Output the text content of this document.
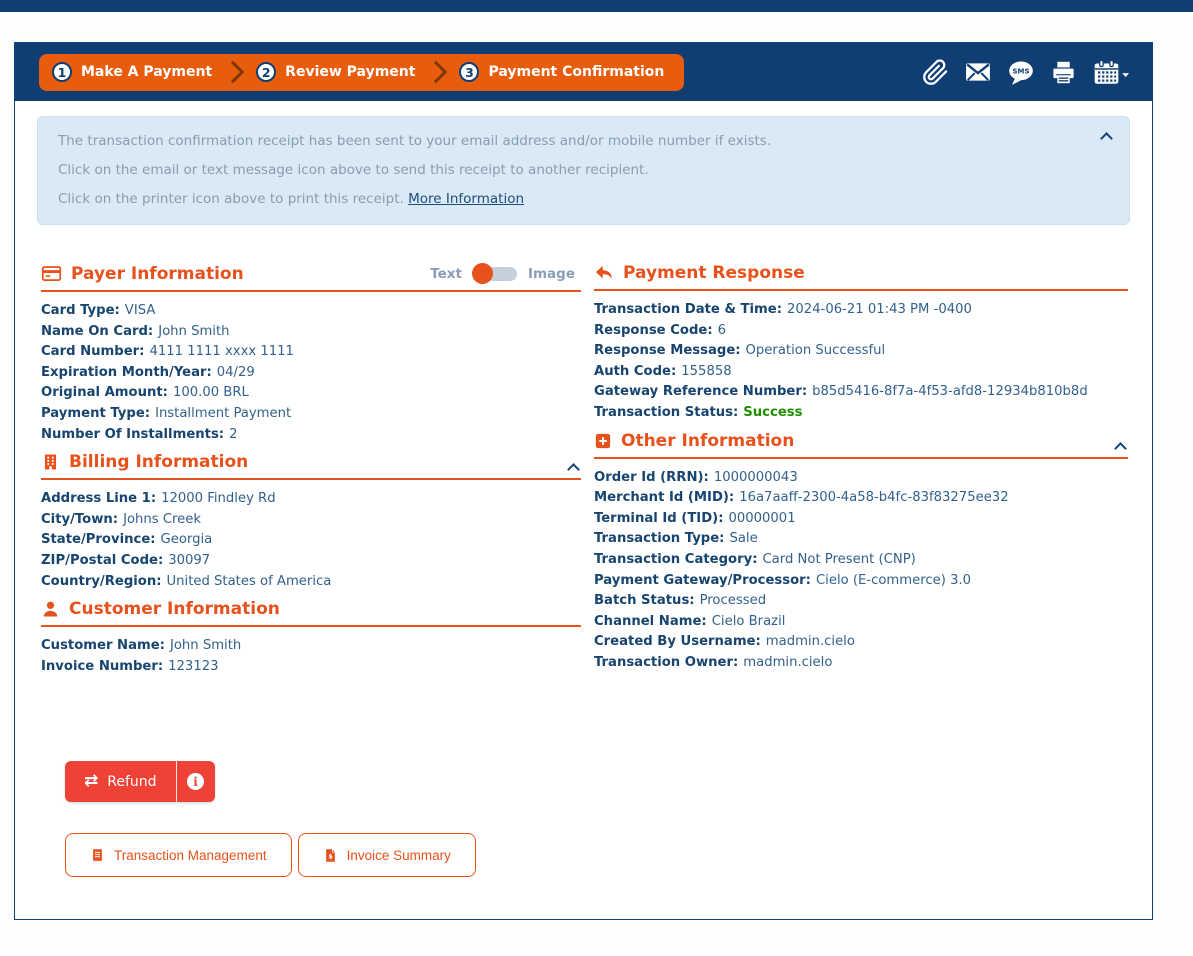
1	Make A Payment	2	Review Payment	3	Payment Confirmation	SMS

The transaction confirmation receipt has been sent to your email address and/or mobile number if exists.

Click on the email or text message icon above to send this receipt to another recipient.

Click on the printer icon above to print this receipt. More Information

Payer Information	Text	Image
Card Type: VISA
Name On Card: John Smith
Card Number: 4111 1111 xxxx 1111
Expiration Month/Year: 04/29
Original Amount: 100.00 BRL
Payment Type: Installment Payment
Number Of Installments: 2
Billing Information
Address Line 1: 12000 Findley Rd
City/Town: Johns Creek
State/Province: Georgia
ZIP/Postal Code: 30097
Country/Region: United States of America
Customer Information
Customer Name: John Smith
Invoice Number: 123123
Payment Response
Transaction Date & Time: 2024-06-21 01:43 PM -0400
Response Code: 6
Response Message: Operation Successful
Auth Code: 155858
Gateway Reference Number: b85d5416-8f7a-4f53-afd8-12934b810b8d
Transaction Status: Success
Other Information
Order Id (RRN): 1000000043
Merchant Id (MID): 16a7aaff-2300-4a58-b4fc-83f83275ee32
Terminal Id (TID): 00000001
Transaction Type: Sale
Transaction Category: Card Not Present (CNP)
Payment Gateway/Processor: Cielo (E-commerce) 3.0
Batch Status: Processed
Channel Name: Cielo Brazil
Created By Username: madmin.cielo
Transaction Owner: madmin.cielo
⇄ Refund	i
Transaction Management	$ Invoice Summary
